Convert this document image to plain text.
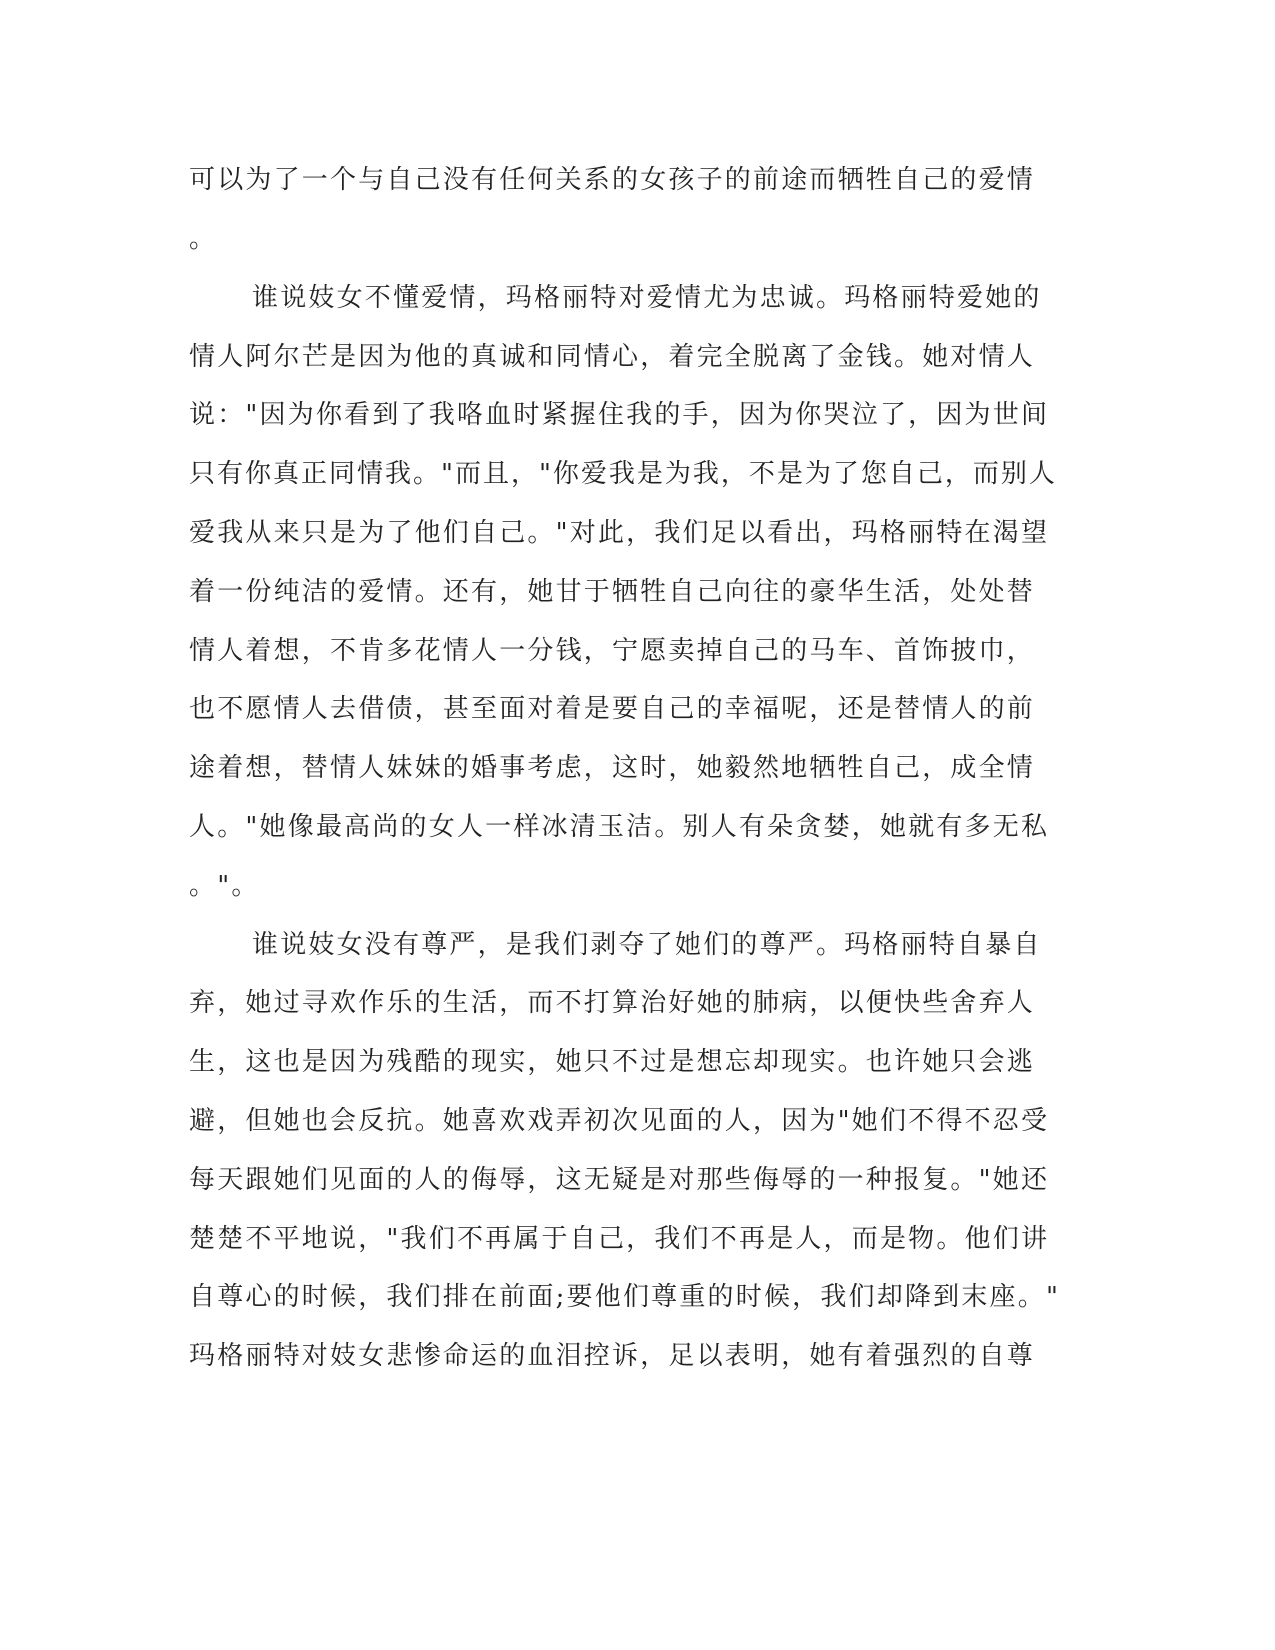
可以为了一个与自己没有任何关系的女孩子的前途而牺牲自己的爱情

。

谁说妓女不懂爱情，玛格丽特对爱情尤为忠诚。玛格丽特爱她的

情人阿尔芒是因为他的真诚和同情心，着完全脱离了金钱。她对情人

说："因为你看到了我咯血时紧握住我的手，因为你哭泣了，因为世间

只有你真正同情我。"而且，"你爱我是为我，不是为了您自己，而别人

爱我从来只是为了他们自己。"对此，我们足以看出，玛格丽特在渴望

着一份纯洁的爱情。还有，她甘于牺牲自己向往的豪华生活，处处替

情人着想，不肯多花情人一分钱，宁愿卖掉自己的马车、首饰披巾，

也不愿情人去借债，甚至面对着是要自己的幸福呢，还是替情人的前

途着想，替情人妹妹的婚事考虑，这时，她毅然地牺牲自己，成全情

人。"她像最高尚的女人一样冰清玉洁。别人有朵贪婪，她就有多无私

。"。

谁说妓女没有尊严，是我们剥夺了她们的尊严。玛格丽特自暴自

弃，她过寻欢作乐的生活，而不打算治好她的肺病，以便快些舍弃人

生，这也是因为残酷的现实，她只不过是想忘却现实。也许她只会逃

避，但她也会反抗。她喜欢戏弄初次见面的人，因为"她们不得不忍受

每天跟她们见面的人的侮辱，这无疑是对那些侮辱的一种报复。"她还

楚楚不平地说，"我们不再属于自己，我们不再是人，而是物。他们讲

自尊心的时候，我们排在前面;要他们尊重的时候，我们却降到末座。"

玛格丽特对妓女悲惨命运的血泪控诉，足以表明，她有着强烈的自尊
